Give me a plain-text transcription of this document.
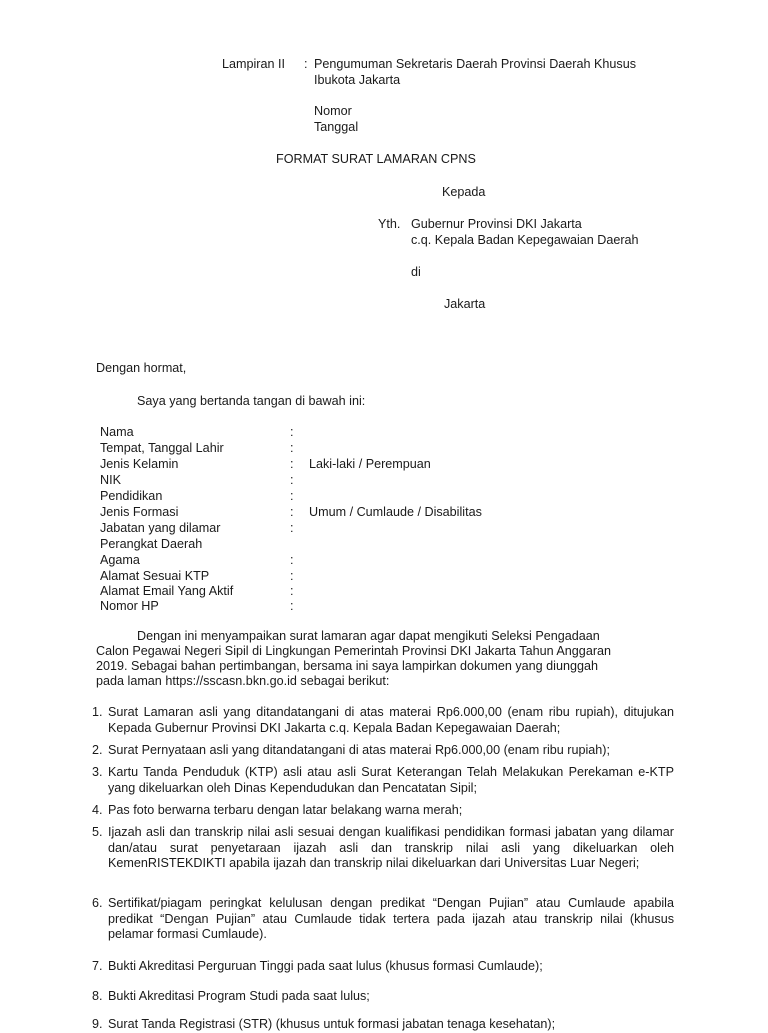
Lampiran II : Pengumuman Sekretaris Daerah Provinsi Daerah Khusus
Ibukota Jakarta
Nomor
Tanggal
FORMAT SURAT LAMARAN CPNS
Kepada
Yth. Gubernur Provinsi DKI Jakarta
c.q. Kepala Badan Kepegawaian Daerah
di
Jakarta
Dengan hormat,
Saya yang bertanda tangan di bawah ini:
Nama	:
Tempat, Tanggal Lahir	:
Jenis Kelamin	: Laki-laki / Perempuan
NIK	:
Pendidikan	:
Jenis Formasi	: Umum / Cumlaude / Disabilitas
Jabatan yang dilamar	:
Perangkat Daerah
Agama	:
Alamat Sesuai KTP	:
Alamat Email Yang Aktif	:
Nomor HP	:
Dengan ini menyampaikan surat lamaran agar dapat mengikuti Seleksi Pengadaan
Calon Pegawai Negeri Sipil di Lingkungan Pemerintah Provinsi DKI Jakarta Tahun Anggaran
2019. Sebagai bahan pertimbangan, bersama ini saya lampirkan dokumen yang diunggah
pada laman https://sscasn.bkn.go.id sebagai berikut:
1. Surat Lamaran asli yang ditandatangani di atas materai Rp6.000,00 (enam ribu rupiah), ditujukan Kepada Gubernur Provinsi DKI Jakarta c.q. Kepala Badan Kepegawaian Daerah;
2. Surat Pernyataan asli yang ditandatangani di atas materai Rp6.000,00 (enam ribu rupiah);
3. Kartu Tanda Penduduk (KTP) asli atau asli Surat Keterangan Telah Melakukan Perekaman e-KTP yang dikeluarkan oleh Dinas Kependudukan dan Pencatatan Sipil;
4. Pas foto berwarna terbaru dengan latar belakang warna merah;
5. Ijazah asli dan transkrip nilai asli sesuai dengan kualifikasi pendidikan formasi jabatan yang dilamar dan/atau surat penyetaraan ijazah asli dan transkrip nilai asli yang dikeluarkan oleh KemenRISTEKDIKTI apabila ijazah dan transkrip nilai dikeluarkan dari Universitas Luar Negeri;
6. Sertifikat/piagam peringkat kelulusan dengan predikat “Dengan Pujian” atau Cumlaude apabila predikat “Dengan Pujian” atau Cumlaude tidak tertera pada ijazah atau transkrip nilai (khusus pelamar formasi Cumlaude).
7. Bukti Akreditasi Perguruan Tinggi pada saat lulus (khusus formasi Cumlaude);
8. Bukti Akreditasi Program Studi pada saat lulus;
9. Surat Tanda Registrasi (STR) (khusus untuk formasi jabatan tenaga kesehatan);
